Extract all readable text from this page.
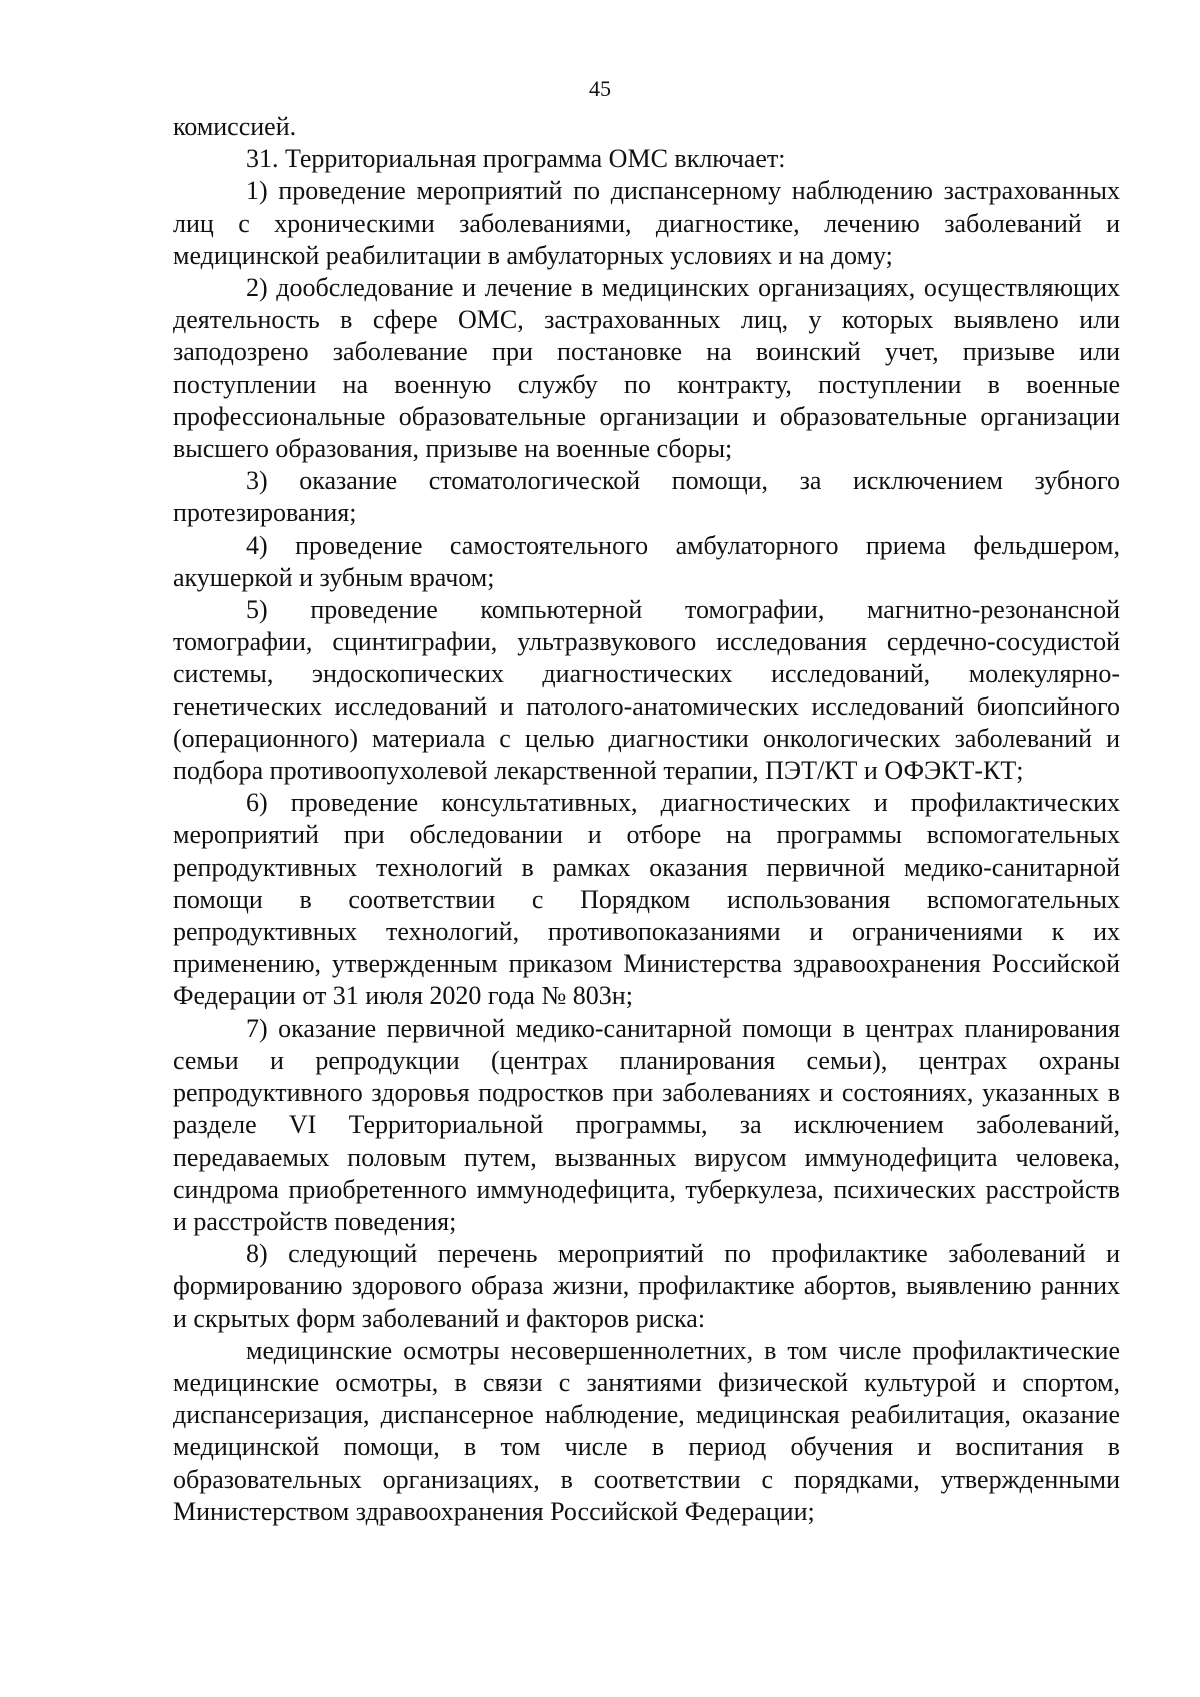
45

комиссией.

31. Территориальная программа ОМС включает:

1) проведение мероприятий по диспансерному наблюдению застрахованных лиц с хроническими заболеваниями, диагностике, лечению заболеваний и медицинской реабилитации в амбулаторных условиях и на дому;

2) дообследование и лечение в медицинских организациях, осуществляющих деятельность в сфере ОМС, застрахованных лиц, у которых выявлено или заподозрено заболевание при постановке на воинский учет, призыве или поступлении на военную службу по контракту, поступлении в военные профессиональные образовательные организации и образовательные организации высшего образования, призыве на военные сборы;

3) оказание стоматологической помощи, за исключением зубного протезирования;

4) проведение самостоятельного амбулаторного приема фельдшером, акушеркой и зубным врачом;

5) проведение компьютерной томографии, магнитно-резонансной томографии, сцинтиграфии, ультразвукового исследования сердечно-сосудистой системы, эндоскопических диагностических исследований, молекулярно-генетических исследований и патолого-анатомических исследований биопсийного (операционного) материала с целью диагностики онкологических заболеваний и подбора противоопухолевой лекарственной терапии, ПЭТ/КТ и ОФЭКТ-КТ;

6) проведение консультативных, диагностических и профилактических мероприятий при обследовании и отборе на программы вспомогательных репродуктивных технологий в рамках оказания первичной медико-санитарной помощи в соответствии с Порядком использования вспомогательных репродуктивных технологий, противопоказаниями и ограничениями к их применению, утвержденным приказом Министерства здравоохранения Российской Федерации от 31 июля 2020 года № 803н;

7) оказание первичной медико-санитарной помощи в центрах планирования семьи и репродукции (центрах планирования семьи), центрах охраны репродуктивного здоровья подростков при заболеваниях и состояниях, указанных в разделе VI Территориальной программы, за исключением заболеваний, передаваемых половым путем, вызванных вирусом иммунодефицита человека, синдрома приобретенного иммунодефицита, туберкулеза, психических расстройств и расстройств поведения;

8) следующий перечень мероприятий по профилактике заболеваний и формированию здорового образа жизни, профилактике абортов, выявлению ранних и скрытых форм заболеваний и факторов риска:

медицинские осмотры несовершеннолетних, в том числе профилактические медицинские осмотры, в связи с занятиями физической культурой и спортом, диспансеризация, диспансерное наблюдение, медицинская реабилитация, оказание медицинской помощи, в том числе в период обучения и воспитания в образовательных организациях, в соответствии с порядками, утвержденными Министерством здравоохранения Российской Федерации;
